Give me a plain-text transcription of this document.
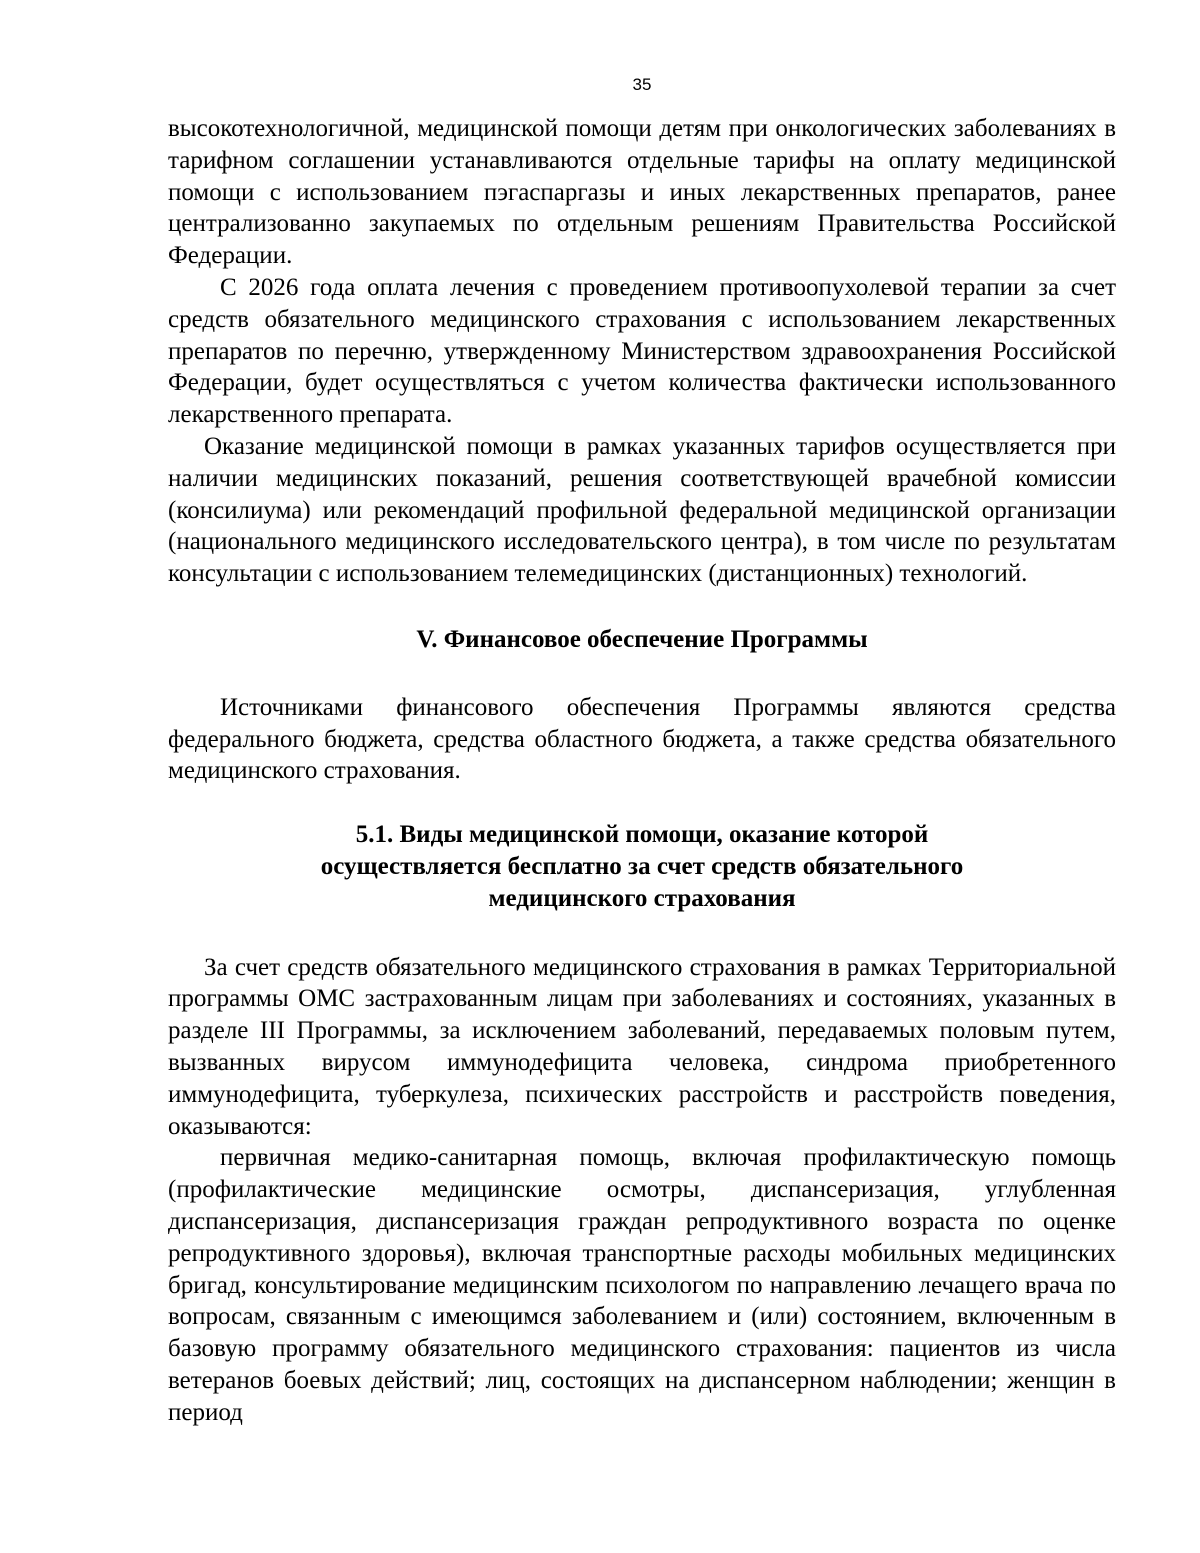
35

высокотехнологичной, медицинской помощи детям при онкологических заболеваниях в тарифном соглашении устанавливаются отдельные тарифы на оплату медицинской помощи с использованием пэгаспаргазы и иных лекарственных препаратов, ранее централизованно закупаемых по отдельным решениям Правительства Российской Федерации.

С 2026 года оплата лечения с проведением противоопухолевой терапии за счет средств обязательного медицинского страхования с использованием лекарственных препаратов по перечню, утвержденному Министерством здравоохранения Российской Федерации, будет осуществляться с учетом количества фактически использованного лекарственного препарата.

Оказание медицинской помощи в рамках указанных тарифов осуществляется при наличии медицинских показаний, решения соответствующей врачебной комиссии (консилиума) или рекомендаций профильной федеральной медицинской организации (национального медицинского исследовательского центра), в том числе по результатам консультации с использованием телемедицинских (дистанционных) технологий.

V. Финансовое обеспечение Программы

Источниками финансового обеспечения Программы являются средства федерального бюджета, средства областного бюджета, а также средства обязательного медицинского страхования.

5.1. Виды медицинской помощи, оказание которой
осуществляется бесплатно за счет средств обязательного
медицинского страхования

За счет средств обязательного медицинского страхования в рамках Территориальной программы ОМС застрахованным лицам при заболеваниях и состояниях, указанных в разделе III Программы, за исключением заболеваний, передаваемых половым путем, вызванных вирусом иммунодефицита человека, синдрома приобретенного иммунодефицита, туберкулеза, психических расстройств и расстройств поведения, оказываются:

первичная медико-санитарная помощь, включая профилактическую помощь (профилактические медицинские осмотры, диспансеризация, углубленная диспансеризация, диспансеризация граждан репродуктивного возраста по оценке репродуктивного здоровья), включая транспортные расходы мобильных медицинских бригад, консультирование медицинским психологом по направлению лечащего врача по вопросам, связанным с имеющимся заболеванием и (или) состоянием, включенным в базовую программу обязательного медицинского страхования: пациентов из числа ветеранов боевых действий; лиц, состоящих на диспансерном наблюдении; женщин в период
